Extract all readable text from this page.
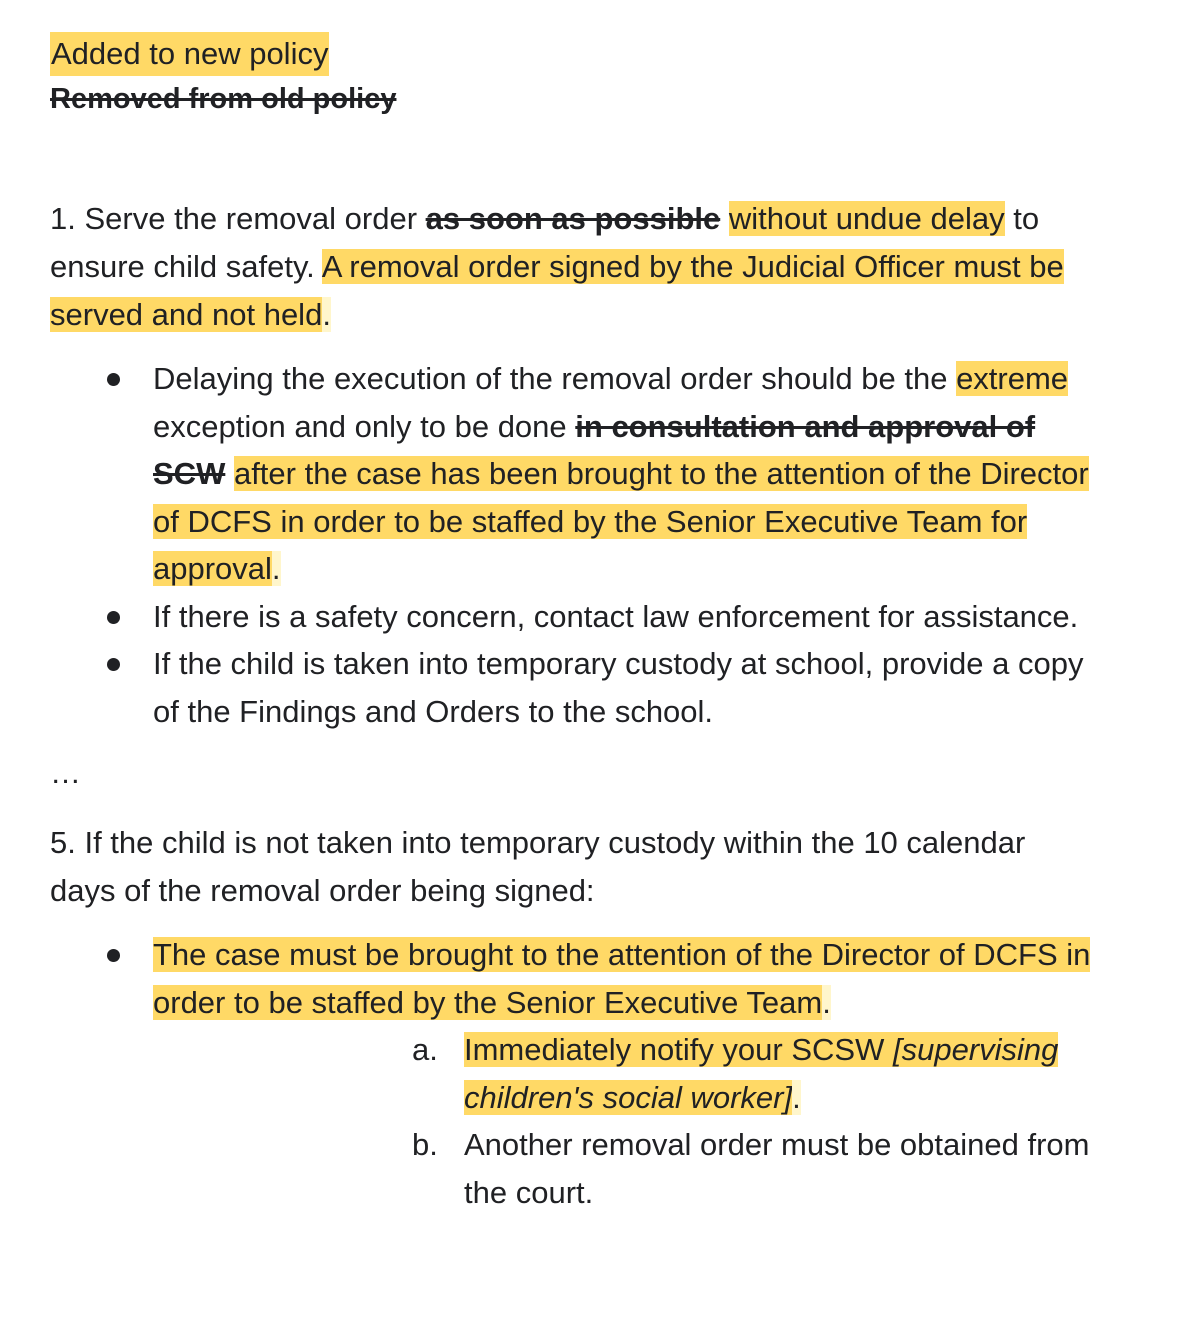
Added to new policy
Removed from old policy

1. Serve the removal order as soon as possible without undue delay to ensure child safety. A removal order signed by the Judicial Officer must be served and not held.

Delaying the execution of the removal order should be the extreme exception and only to be done in consultation and approval of SCW after the case has been brought to the attention of the Director of DCFS in order to be staffed by the Senior Executive Team for approval.
If there is a safety concern, contact law enforcement for assistance.
If the child is taken into temporary custody at school, provide a copy of the Findings and Orders to the school.
…

5. If the child is not taken into temporary custody within the 10 calendar days of the removal order being signed:

The case must be brought to the attention of the Director of DCFS in order to be staffed by the Senior Executive Team.
a. Immediately notify your SCSW [supervising children's social worker].
b. Another removal order must be obtained from the court.
